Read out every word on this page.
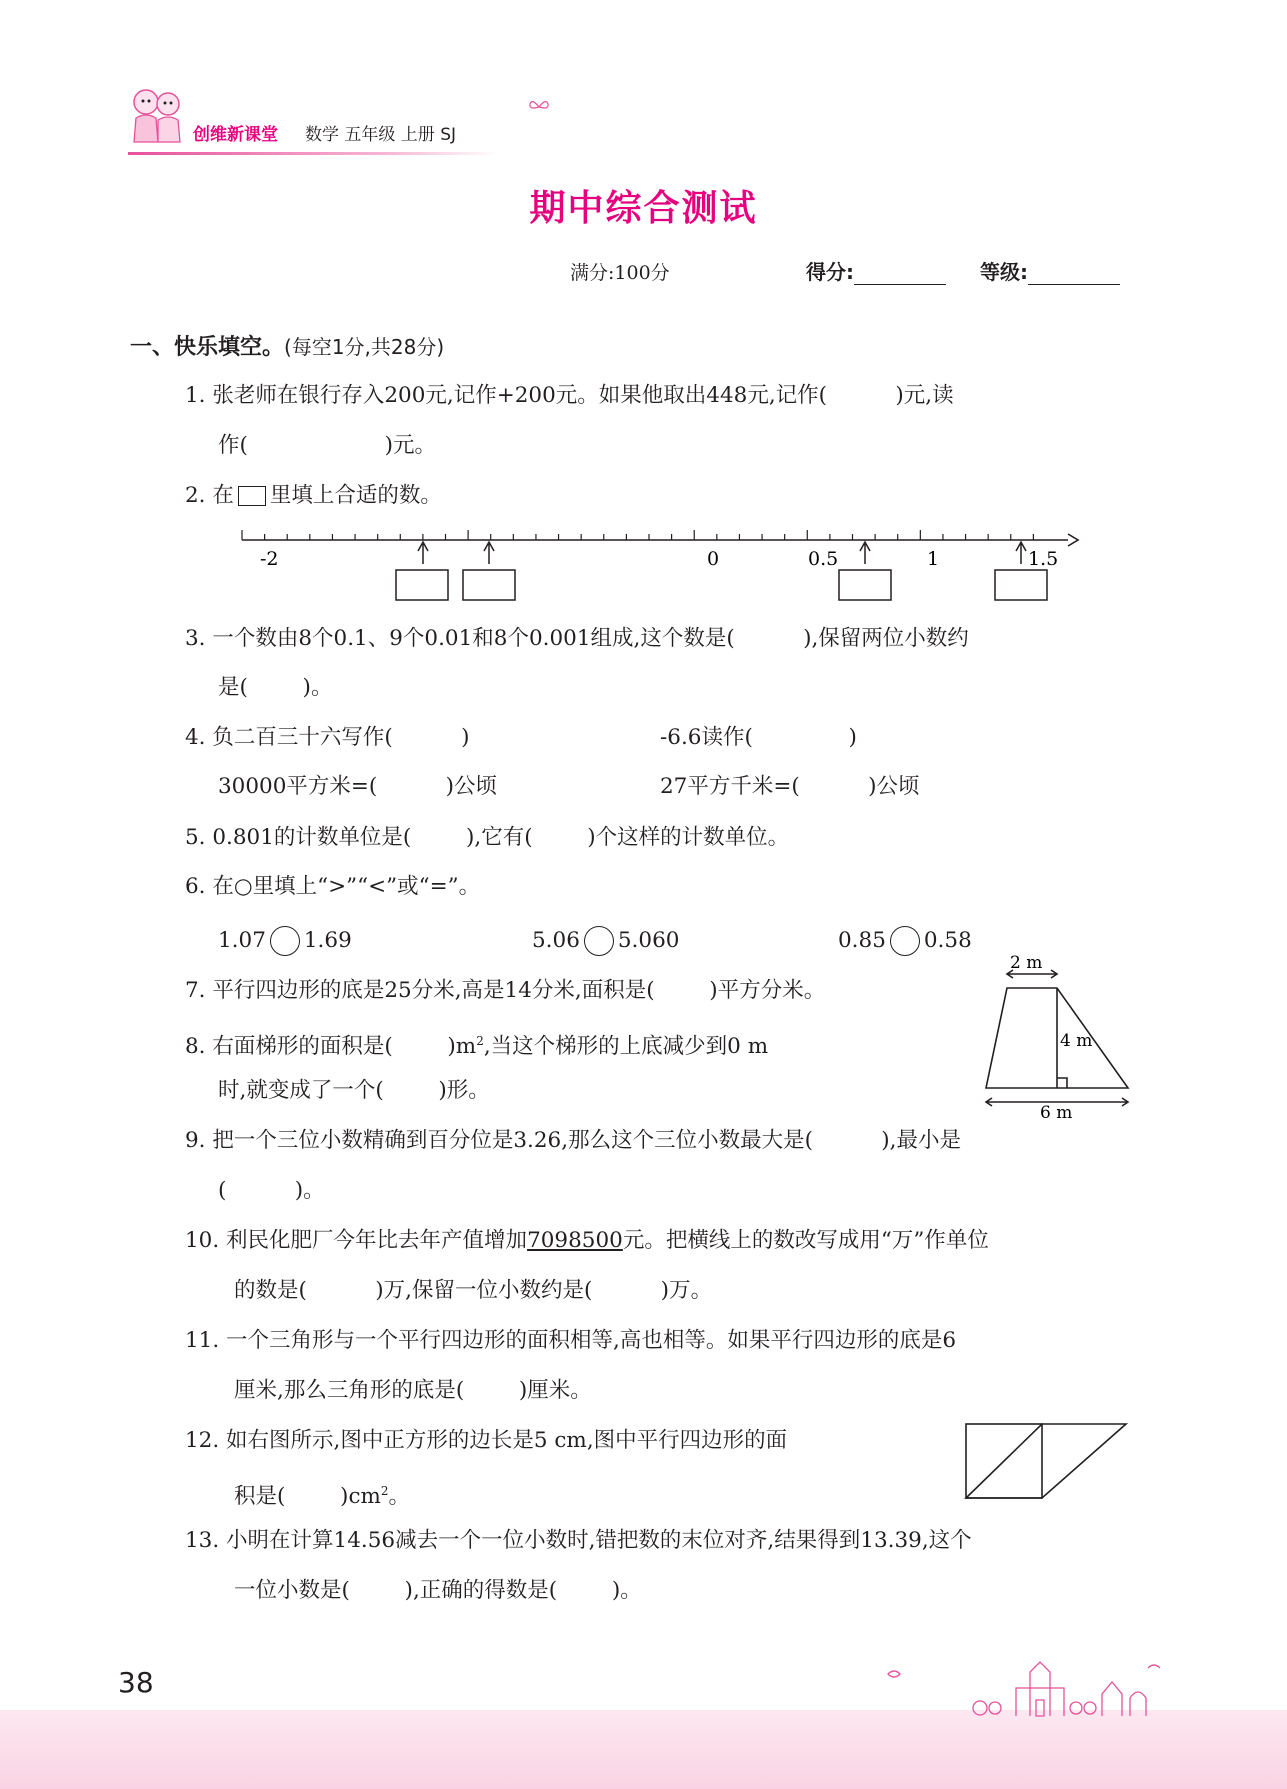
创维新课堂 数学 五年级 上册 SJ
期中综合测试
满分:100分	得分:	等级:
一、快乐填空。(每空1分,共28分)
1. 张老师在银行存入200元,记作+200元。如果他取出448元,记作(          )元,读
作(                    )元。
2. 在 里填上合适的数。
-2	0	0.5	1	1.5
3. 一个数由8个0.1、9个0.01和8个0.001组成,这个数是(          ),保留两位小数约
是(        )。
4. 负二百三十六写作(          )	-6.6读作(              )
30000平方米=(          )公顷	27平方千米=(          )公顷
5. 0.801的计数单位是(        ),它有(        )个这样的计数单位。
6. 在○里填上“>”“<”或“=”。
1.07 1.69	5.06 5.060	0.85 0.58
7. 平行四边形的底是25分米,高是14分米,面积是(        )平方分米。
2 m
4 m
6 m
8. 右面梯形的面积是(        )$m^2$,当这个梯形的上底减少到0 m
时,就变成了一个(        )形。
9. 把一个三位小数精确到百分位是3.26,那么这个三位小数最大是(          ),最小是
(          )。
10. 利民化肥厂今年比去年产值增加7098500元。把横线上的数改写成用“万”作单位
的数是(          )万,保留一位小数约是(          )万。
11. 一个三角形与一个平行四边形的面积相等,高也相等。如果平行四边形的底是6
厘米,那么三角形的底是(        )厘米。
12. 如右图所示,图中正方形的边长是5 cm,图中平行四边形的面
积是(        )$cm^2$。
13. 小明在计算14.56减去一个一位小数时,错把数的末位对齐,结果得到13.39,这个
一位小数是(        ),正确的得数是(        )。
38
